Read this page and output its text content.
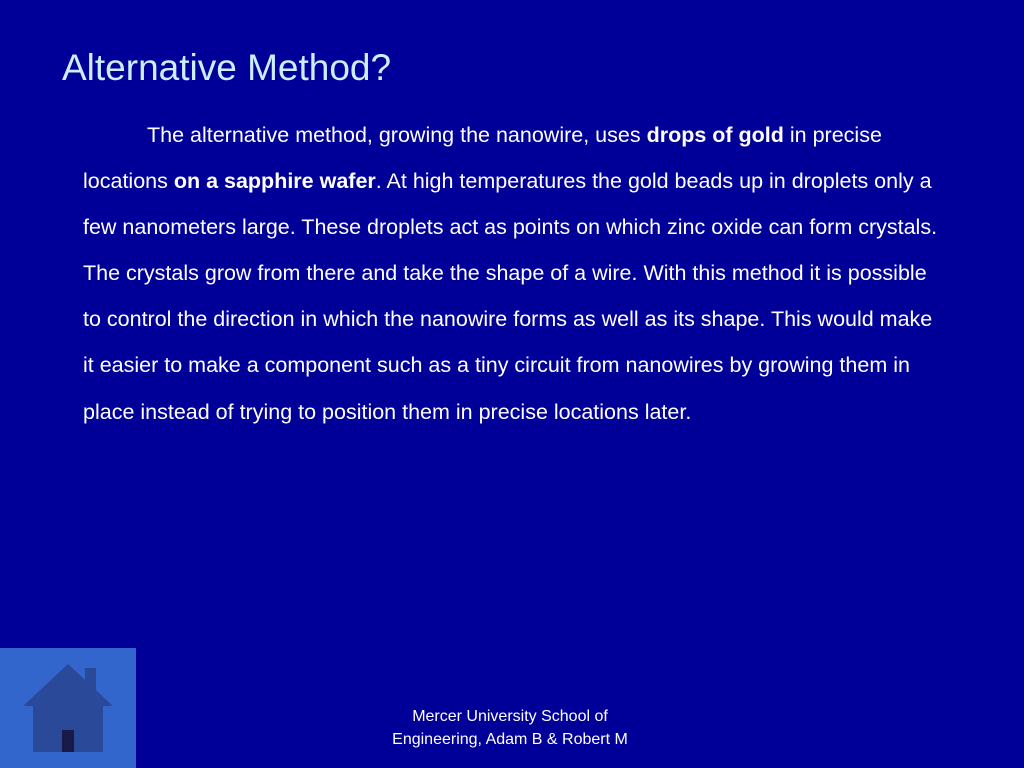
Alternative Method?

The alternative method, growing the nanowire, uses drops of gold in precise locations on a sapphire wafer. At high temperatures the gold beads up in droplets only a few nanometers large. These droplets act as points on which zinc oxide can form crystals. The crystals grow from there and take the shape of a wire. With this method it is possible to control the direction in which the nanowire forms as well as its shape. This would make it easier to make a component such as a tiny circuit from nanowires by growing them in place instead of trying to position them in precise locations later.

Mercer University School of
Engineering, Adam B & Robert M
